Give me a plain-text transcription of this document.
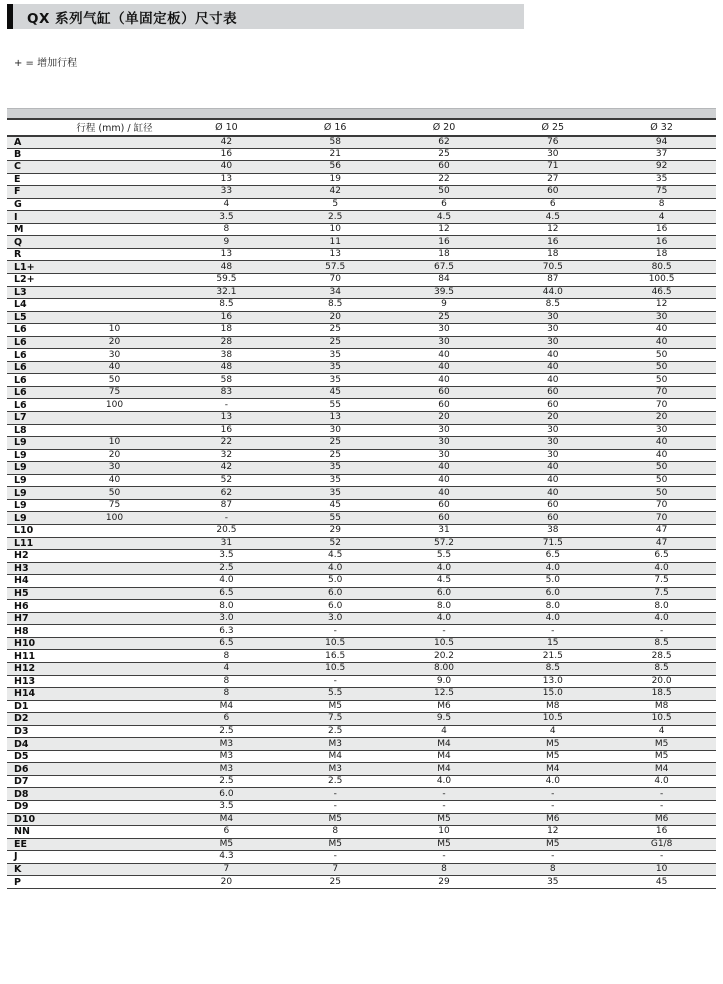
QX 系列气缸（单固定板）尺寸表
+ = 增加行程
	行程 (mm) / 缸径	Ø 10	Ø 16	Ø 20	Ø 25	Ø 32
A		42	58	62	76	94
B		16	21	25	30	37
C		40	56	60	71	92
E		13	19	22	27	35
F		33	42	50	60	75
G		4	5	6	6	8
I		3.5	2.5	4.5	4.5	4
M		8	10	12	12	16
Q		9	11	16	16	16
R		13	13	18	18	18
L1+		48	57.5	67.5	70.5	80.5
L2+		59.5	70	84	87	100.5
L3		32.1	34	39.5	44.0	46.5
L4		8.5	8.5	9	8.5	12
L5		16	20	25	30	30
L6	10	18	25	30	30	40
L6	20	28	25	30	30	40
L6	30	38	35	40	40	50
L6	40	48	35	40	40	50
L6	50	58	35	40	40	50
L6	75	83	45	60	60	70
L6	100	-	55	60	60	70
L7		13	13	20	20	20
L8		16	30	30	30	30
L9	10	22	25	30	30	40
L9	20	32	25	30	30	40
L9	30	42	35	40	40	50
L9	40	52	35	40	40	50
L9	50	62	35	40	40	50
L9	75	87	45	60	60	70
L9	100	-	55	60	60	70
L10		20.5	29	31	38	47
L11		31	52	57.2	71.5	47
H2		3.5	4.5	5.5	6.5	6.5
H3		2.5	4.0	4.0	4.0	4.0
H4		4.0	5.0	4.5	5.0	7.5
H5		6.5	6.0	6.0	6.0	7.5
H6		8.0	6.0	8.0	8.0	8.0
H7		3.0	3.0	4.0	4.0	4.0
H8		6.3	-	-	-	-
H10		6.5	10.5	10.5	15	8.5
H11		8	16.5	20.2	21.5	28.5
H12		4	10.5	8.00	8.5	8.5
H13		8	-	9.0	13.0	20.0
H14		8	5.5	12.5	15.0	18.5
D1		M4	M5	M6	M8	M8
D2		6	7.5	9.5	10.5	10.5
D3		2.5	2.5	4	4	4
D4		M3	M3	M4	M5	M5
D5		M3	M4	M4	M5	M5
D6		M3	M3	M4	M4	M4
D7		2.5	2.5	4.0	4.0	4.0
D8		6.0	-	-	-	-
D9		3.5	-	-	-	-
D10		M4	M5	M5	M6	M6
NN		6	8	10	12	16
EE		M5	M5	M5	M5	G1/8
J		4.3	-	-	-	-
K		7	7	8	8	10
P		20	25	29	35	45
